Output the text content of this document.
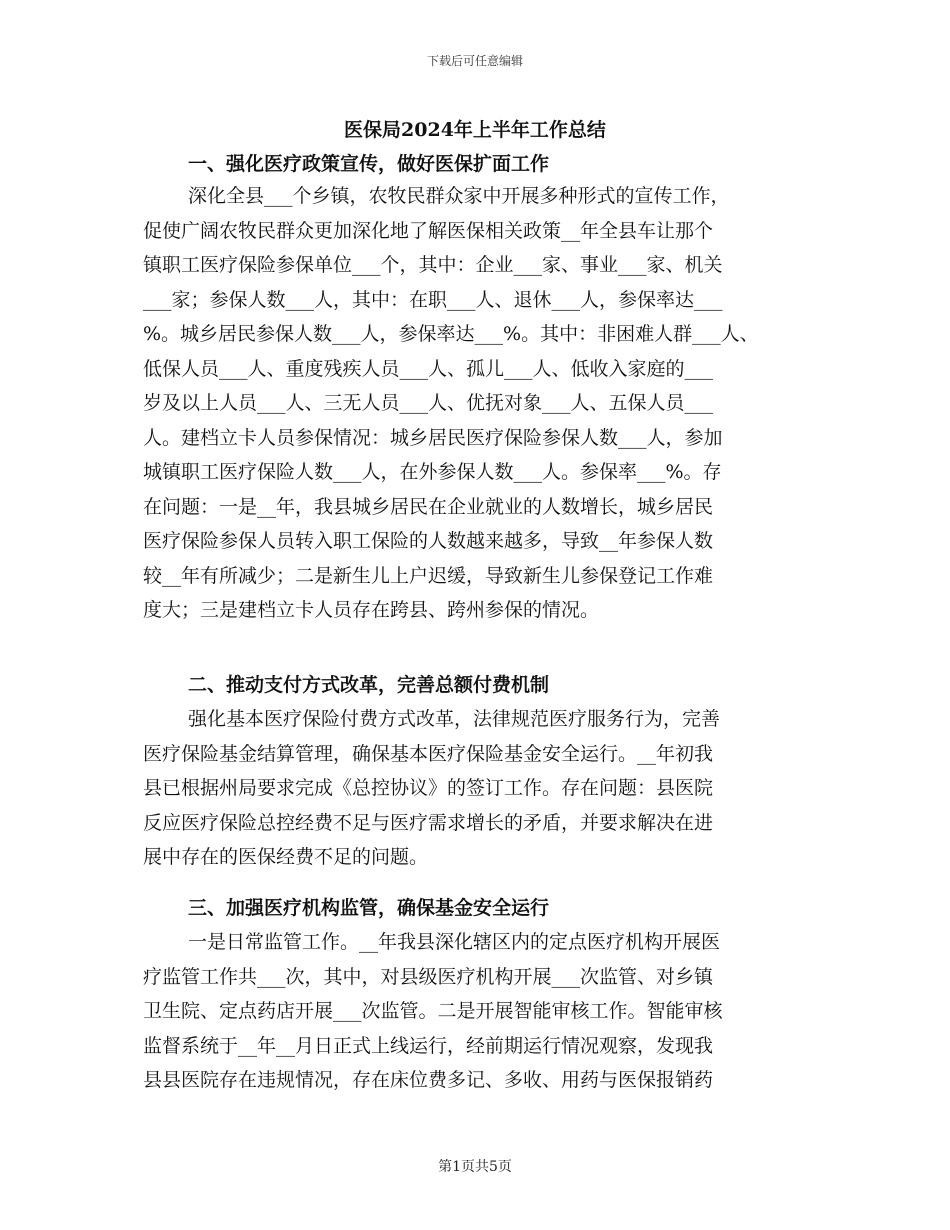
下载后可任意编辑
医保局2024年上半年工作总结
一、强化医疗政策宣传，做好医保扩面工作
深化全县___个乡镇，农牧民群众家中开展多种形式的宣传工作，
促使广阔农牧民群众更加深化地了解医保相关政策__年全县车让那个
镇职工医疗保险参保单位___个，其中：企业___家、事业___家、机关
___家；参保人数___人，其中：在职___人、退休___人，参保率达___
%。城乡居民参保人数___人，参保率达___%。其中：非困难人群___人、
低保人员___人、重度残疾人员___人、孤儿___人、低收入家庭的___
岁及以上人员___人、三无人员___人、优抚对象___人、五保人员___
人。建档立卡人员参保情况：城乡居民医疗保险参保人数___人，参加
城镇职工医疗保险人数___人，在外参保人数___人。参保率___%。存
在问题：一是__年，我县城乡居民在企业就业的人数增长，城乡居民
医疗保险参保人员转入职工保险的人数越来越多，导致__年参保人数
较__年有所减少；二是新生儿上户迟缓，导致新生儿参保登记工作难
度大；三是建档立卡人员存在跨县、跨州参保的情况。
二、推动支付方式改革，完善总额付费机制
强化基本医疗保险付费方式改革，法律规范医疗服务行为，完善
医疗保险基金结算管理，确保基本医疗保险基金安全运行。__年初我
县已根据州局要求完成《总控协议》的签订工作。存在问题：县医院
反应医疗保险总控经费不足与医疗需求增长的矛盾，并要求解决在进
展中存在的医保经费不足的问题。
三、加强医疗机构监管，确保基金安全运行
一是日常监管工作。__年我县深化辖区内的定点医疗机构开展医
疗监管工作共___次，其中，对县级医疗机构开展___次监管、对乡镇
卫生院、定点药店开展___次监管。二是开展智能审核工作。智能审核
监督系统于__年__月日正式上线运行，经前期运行情况观察，发现我
县县医院存在违规情况，存在床位费多记、多收、用药与医保报销药
第1页共5页
